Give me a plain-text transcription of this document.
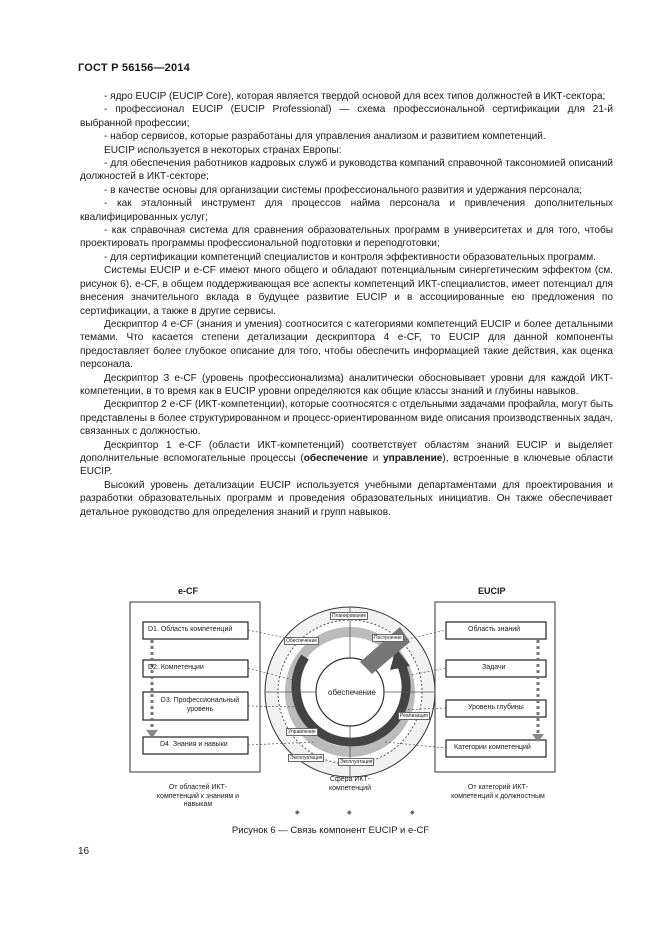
ГОСТ Р 56156—2014

- ядро EUCIP (EUCIP Core), которая является твердой основой для всех типов должностей в ИКТ-сектора;

- профессионал EUCIP (EUCIP Professional) — схема профессиональной сертификации для 21-й выбранной профессии;

- набор сервисов, которые разработаны для управления анализом и развитием компетенций.

EUCIP используется в некоторых странах Европы:

- для обеспечения работников кадровых служб и руководства компаний справочной таксономией описаний должностей в ИКТ-секторе;

- в качестве основы для организации системы профессионального развития и удержания персонала;

- как эталонный инструмент для процессов найма персонала и привлечения дополнительных квалифицированных услуг;

- как справочная система для сравнения образовательных программ в университетах и для того, чтобы проектировать программы профессиональной подготовки и переподготовки;

- для сертификации компетенций специалистов и контроля эффективности образовательных программ.

Системы EUCIP и e-CF имеют много общего и обладают потенциальным синергетическим эффектом (см. рисунок 6). e-CF, в общем поддерживающая все аспекты компетенций ИКТ-специалистов, имеет потенциал для внесения значительного вклада в будущее развитие EUCIP и в ассоциированные ею предложения по сертификации, а также в другие сервисы.

Дескриптор 4 e-CF (знания и умения) соотносится с категориями компетенций EUCIP и более детальными темами. Что касается степени детализации дескриптора 4 e-CF, то EUCIP для данной компоненты предоставляет более глубокое описание для того, чтобы обеспечить информацией такие действия, как оценка персонала.

Дескриптор 3 e-CF (уровень профессионализма) аналитически обосновывает уровни для каждой ИКТ-компетенции, в то время как в EUCIP уровни определяются как общие классы знаний и глубины навыков.

Дескриптор 2 e-CF (ИКТ-компетенции), которые соотносятся с отдельными задачами профайла, могут быть представлены в более структурированном и процесс-ориентированном виде описания производственных задач, связанных с должностью.

Дескриптор 1 e-CF (области ИКТ-компетенций) соответствует областям знаний EUCIP и выделяет дополнительные вспомогательные процессы (обеспечение и управление), встроенные в ключевые области EUCIP.

Высокий уровень детализации EUCIP используется учебными департаментами для проектирования и разработки образовательных программ и проведения образовательных инициатив. Он также обеспечивает детальное руководство для определения знаний и групп навыков.

◆	◆	◆
e-CF	EUCIP
D1. Область компетенций
D2. Компетенции
D3. Профессиональный уровень
D4. Знания и навыки
Область знаний
Задачи
Уровень глубины
Категории компетенций
обеспечение
Планирование
Обеспечение	Построение
Управление
Реализация
Эксплуатация
Эксплуатация
От областей ИКТ-компетенций к знаниям и навыкам
Сфера ИКТ-компетенций	От категорий ИКТ-компетенций к должностным
Рисунок 6 — Связь компонент EUCIP и e-CF
16
